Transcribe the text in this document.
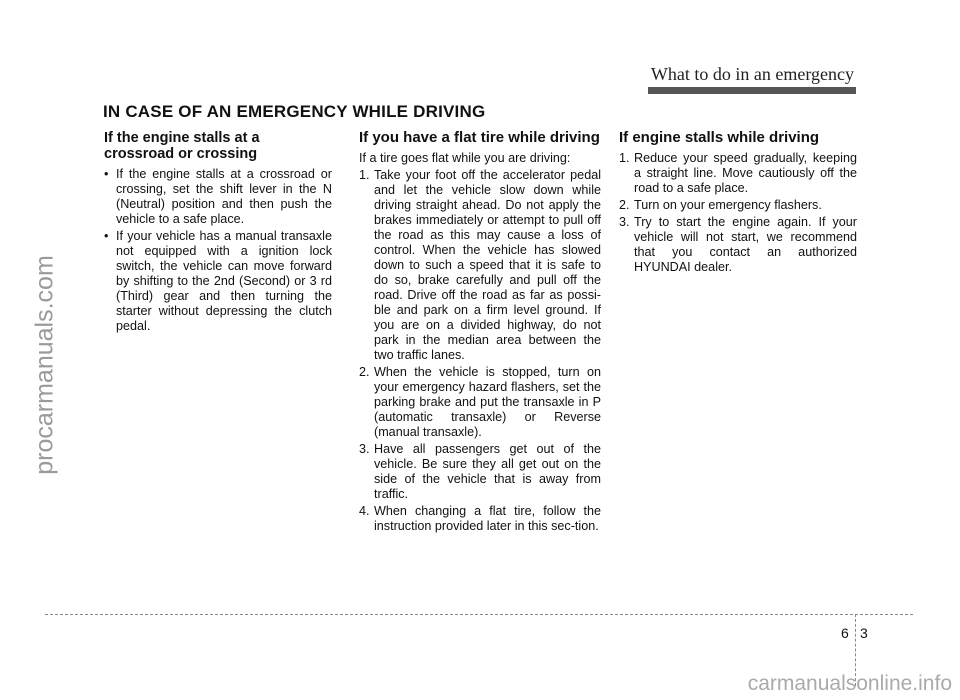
What to do in an emergency
IN CASE OF AN EMERGENCY WHILE DRIVING
If the engine stalls at a crossroad or crossing
• If the engine stalls at a crossroad or crossing, set the shift lever in the N (Neutral) position and then push the vehicle to a safe place.
• If your vehicle has a manual transaxle not equipped with a ignition lock switch, the vehicle can move forward by shifting to the 2nd (Second) or 3 rd (Third) gear and then turning the starter without depressing the clutch pedal.
If you have a flat tire while driving

If a tire goes flat while you are driving:

1. Take your foot off the accelerator pedal and let the vehicle slow down while driving straight ahead. Do not apply the brakes immediately or attempt to pull off the road as this may cause a loss of control. When the vehicle has slowed down to such a speed that it is safe to do so, brake carefully and pull off the road. Drive off the road as far as possi-ble and park on a firm level ground. If you are on a divided highway, do not park in the median area between the two traffic lanes.
2. When the vehicle is stopped, turn on your emergency hazard flashers, set the parking brake and put the transaxle in P (automatic transaxle) or Reverse (manual transaxle).
3. Have all passengers get out of the vehicle. Be sure they all get out on the side of the vehicle that is away from traffic.
4. When changing a flat tire, follow the instruction provided later in this sec-tion.
If engine stalls while driving
1. Reduce your speed gradually, keeping a straight line. Move cautiously off the road to a safe place.
2. Turn on your emergency flashers.
3. Try to start the engine again. If your vehicle will not start, we recommend that you contact an authorized HYUNDAI dealer.
procarmanuals.com
6 3
carmanualsonline.info
